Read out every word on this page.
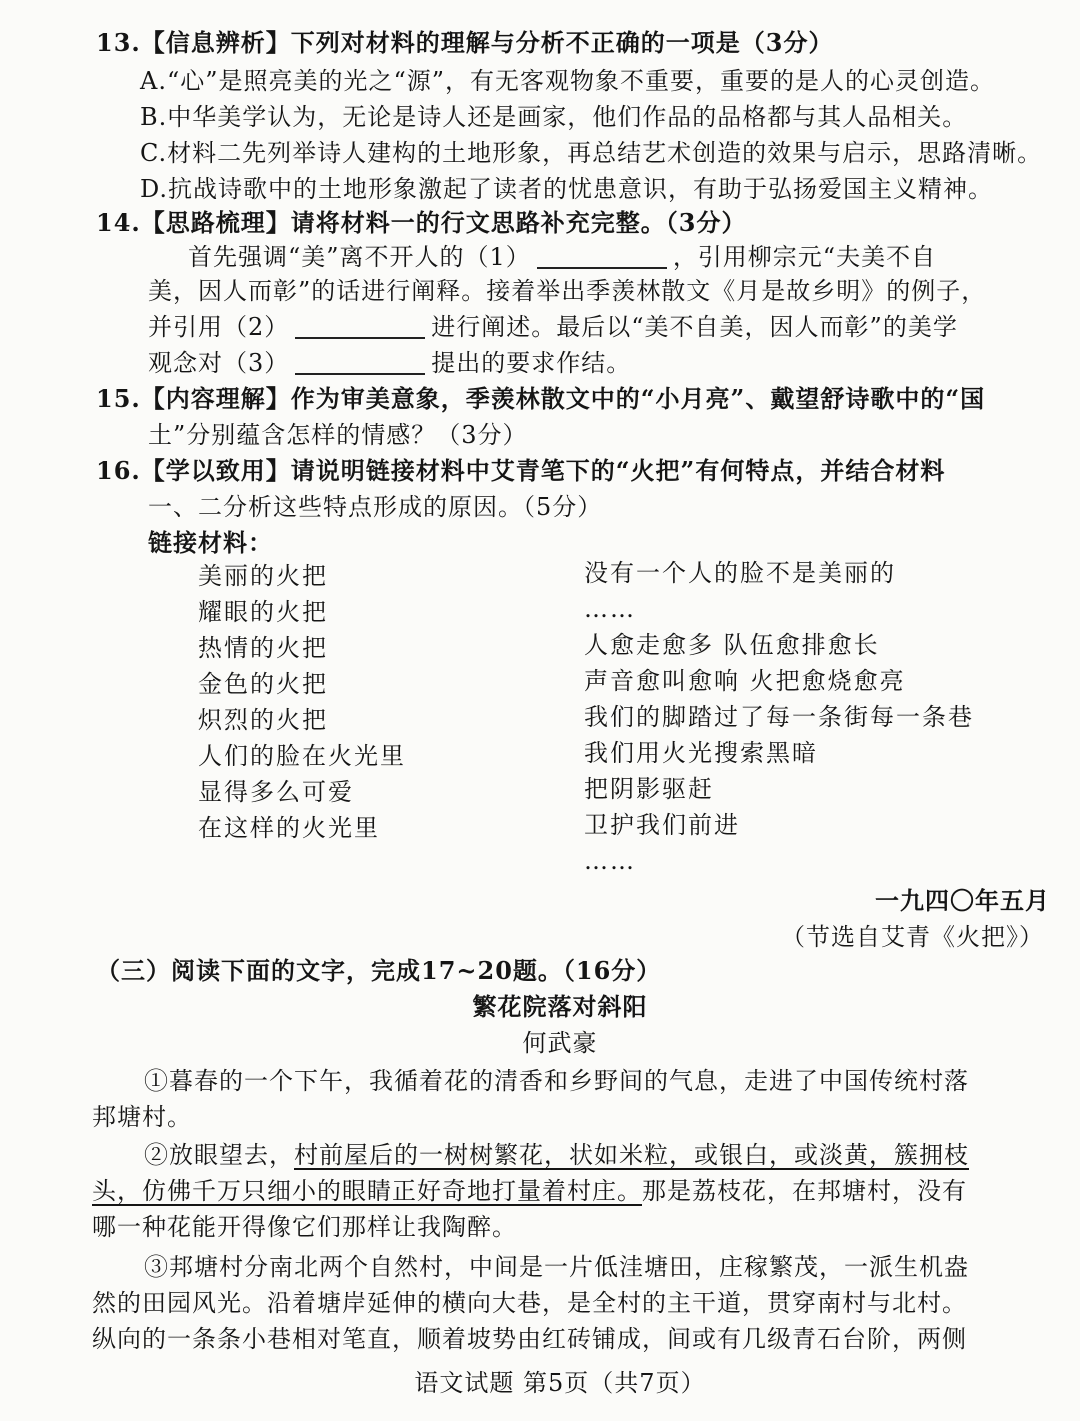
13.【信息辨析】下列对材料的理解与分析不正确的一项是（3分）
A.“心”是照亮美的光之“源”，有无客观物象不重要，重要的是人的心灵创造。
B.中华美学认为，无论是诗人还是画家，他们作品的品格都与其人品相关。
C.材料二先列举诗人建构的土地形象，再总结艺术创造的效果与启示，思路清晰。
D.抗战诗歌中的土地形象激起了读者的忧患意识，有助于弘扬爱国主义精神。
14.【思路梳理】请将材料一的行文思路补充完整。（3分）
首先强调“美”离不开人的（1）	，引用柳宗元“夫美不自
美，因人而彰”的话进行阐释。接着举出季羡林散文《月是故乡明》的例子，
并引用（2）	进行阐述。最后以“美不自美，因人而彰”的美学
观念对（3）	提出的要求作结。
15.【内容理解】作为审美意象，季羡林散文中的“小月亮”、戴望舒诗歌中的“国
土”分别蕴含怎样的情感？（3分）
16.【学以致用】请说明链接材料中艾青笔下的“火把”有何特点，并结合材料
一、二分析这些特点形成的原因。（5分）
链接材料：
美丽的火把
耀眼的火把
热情的火把
金色的火把
炽烈的火把
人们的脸在火光里
显得多么可爱
在这样的火光里
没有一个人的脸不是美丽的
……
人愈走愈多 队伍愈排愈长
声音愈叫愈响 火把愈烧愈亮
我们的脚踏过了每一条街每一条巷
我们用火光搜索黑暗
把阴影驱赶
卫护我们前进
……
一九四〇年五月
（节选自艾青《火把》）
（三）阅读下面的文字，完成17~20题。（16分）
繁花院落对斜阳
何武豪
①暮春的一个下午，我循着花的清香和乡野间的气息，走进了中国传统村落
邦塘村。
②放眼望去，村前屋后的一树树繁花，状如米粒，或银白，或淡黄，簇拥枝
头，仿佛千万只细小的眼睛正好奇地打量着村庄。那是荔枝花，在邦塘村，没有
哪一种花能开得像它们那样让我陶醉。
③邦塘村分南北两个自然村，中间是一片低洼塘田，庄稼繁茂，一派生机盎
然的田园风光。沿着塘岸延伸的横向大巷，是全村的主干道，贯穿南村与北村。
纵向的一条条小巷相对笔直，顺着坡势由红砖铺成，间或有几级青石台阶，两侧
语文试题 第5页（共7页）
